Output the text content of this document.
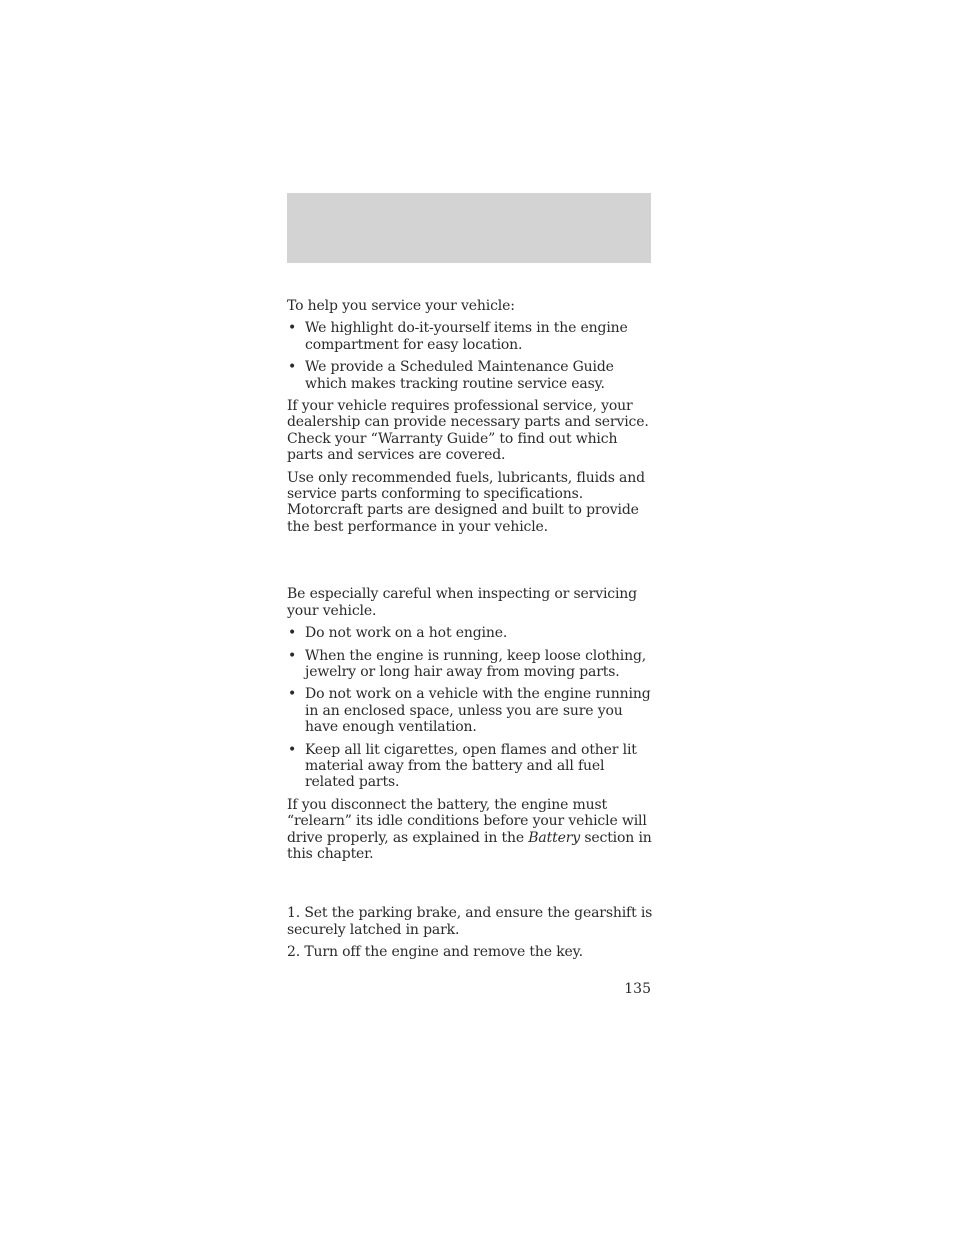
To help you service your vehicle:

• We highlight do-it-yourself items in the engine compartment for easy location.
• We provide a Scheduled Maintenance Guide which makes tracking routine service easy.

If your vehicle requires professional service, your dealership can provide necessary parts and service. Check your “Warranty Guide” to find out which parts and services are covered.

Use only recommended fuels, lubricants, fluids and service parts conforming to specifications. Motorcraft parts are designed and built to provide the best performance in your vehicle.

Be especially careful when inspecting or servicing your vehicle.

• Do not work on a hot engine.
• When the engine is running, keep loose clothing, jewelry or long hair away from moving parts.
• Do not work on a vehicle with the engine running in an enclosed space, unless you are sure you have enough ventilation.
• Keep all lit cigarettes, open flames and other lit material away from the battery and all fuel related parts.

If you disconnect the battery, the engine must “relearn” its idle conditions before your vehicle will drive properly, as explained in the Battery section in this chapter.

1. Set the parking brake, and ensure the gearshift is securely latched in park.

2. Turn off the engine and remove the key.

135
